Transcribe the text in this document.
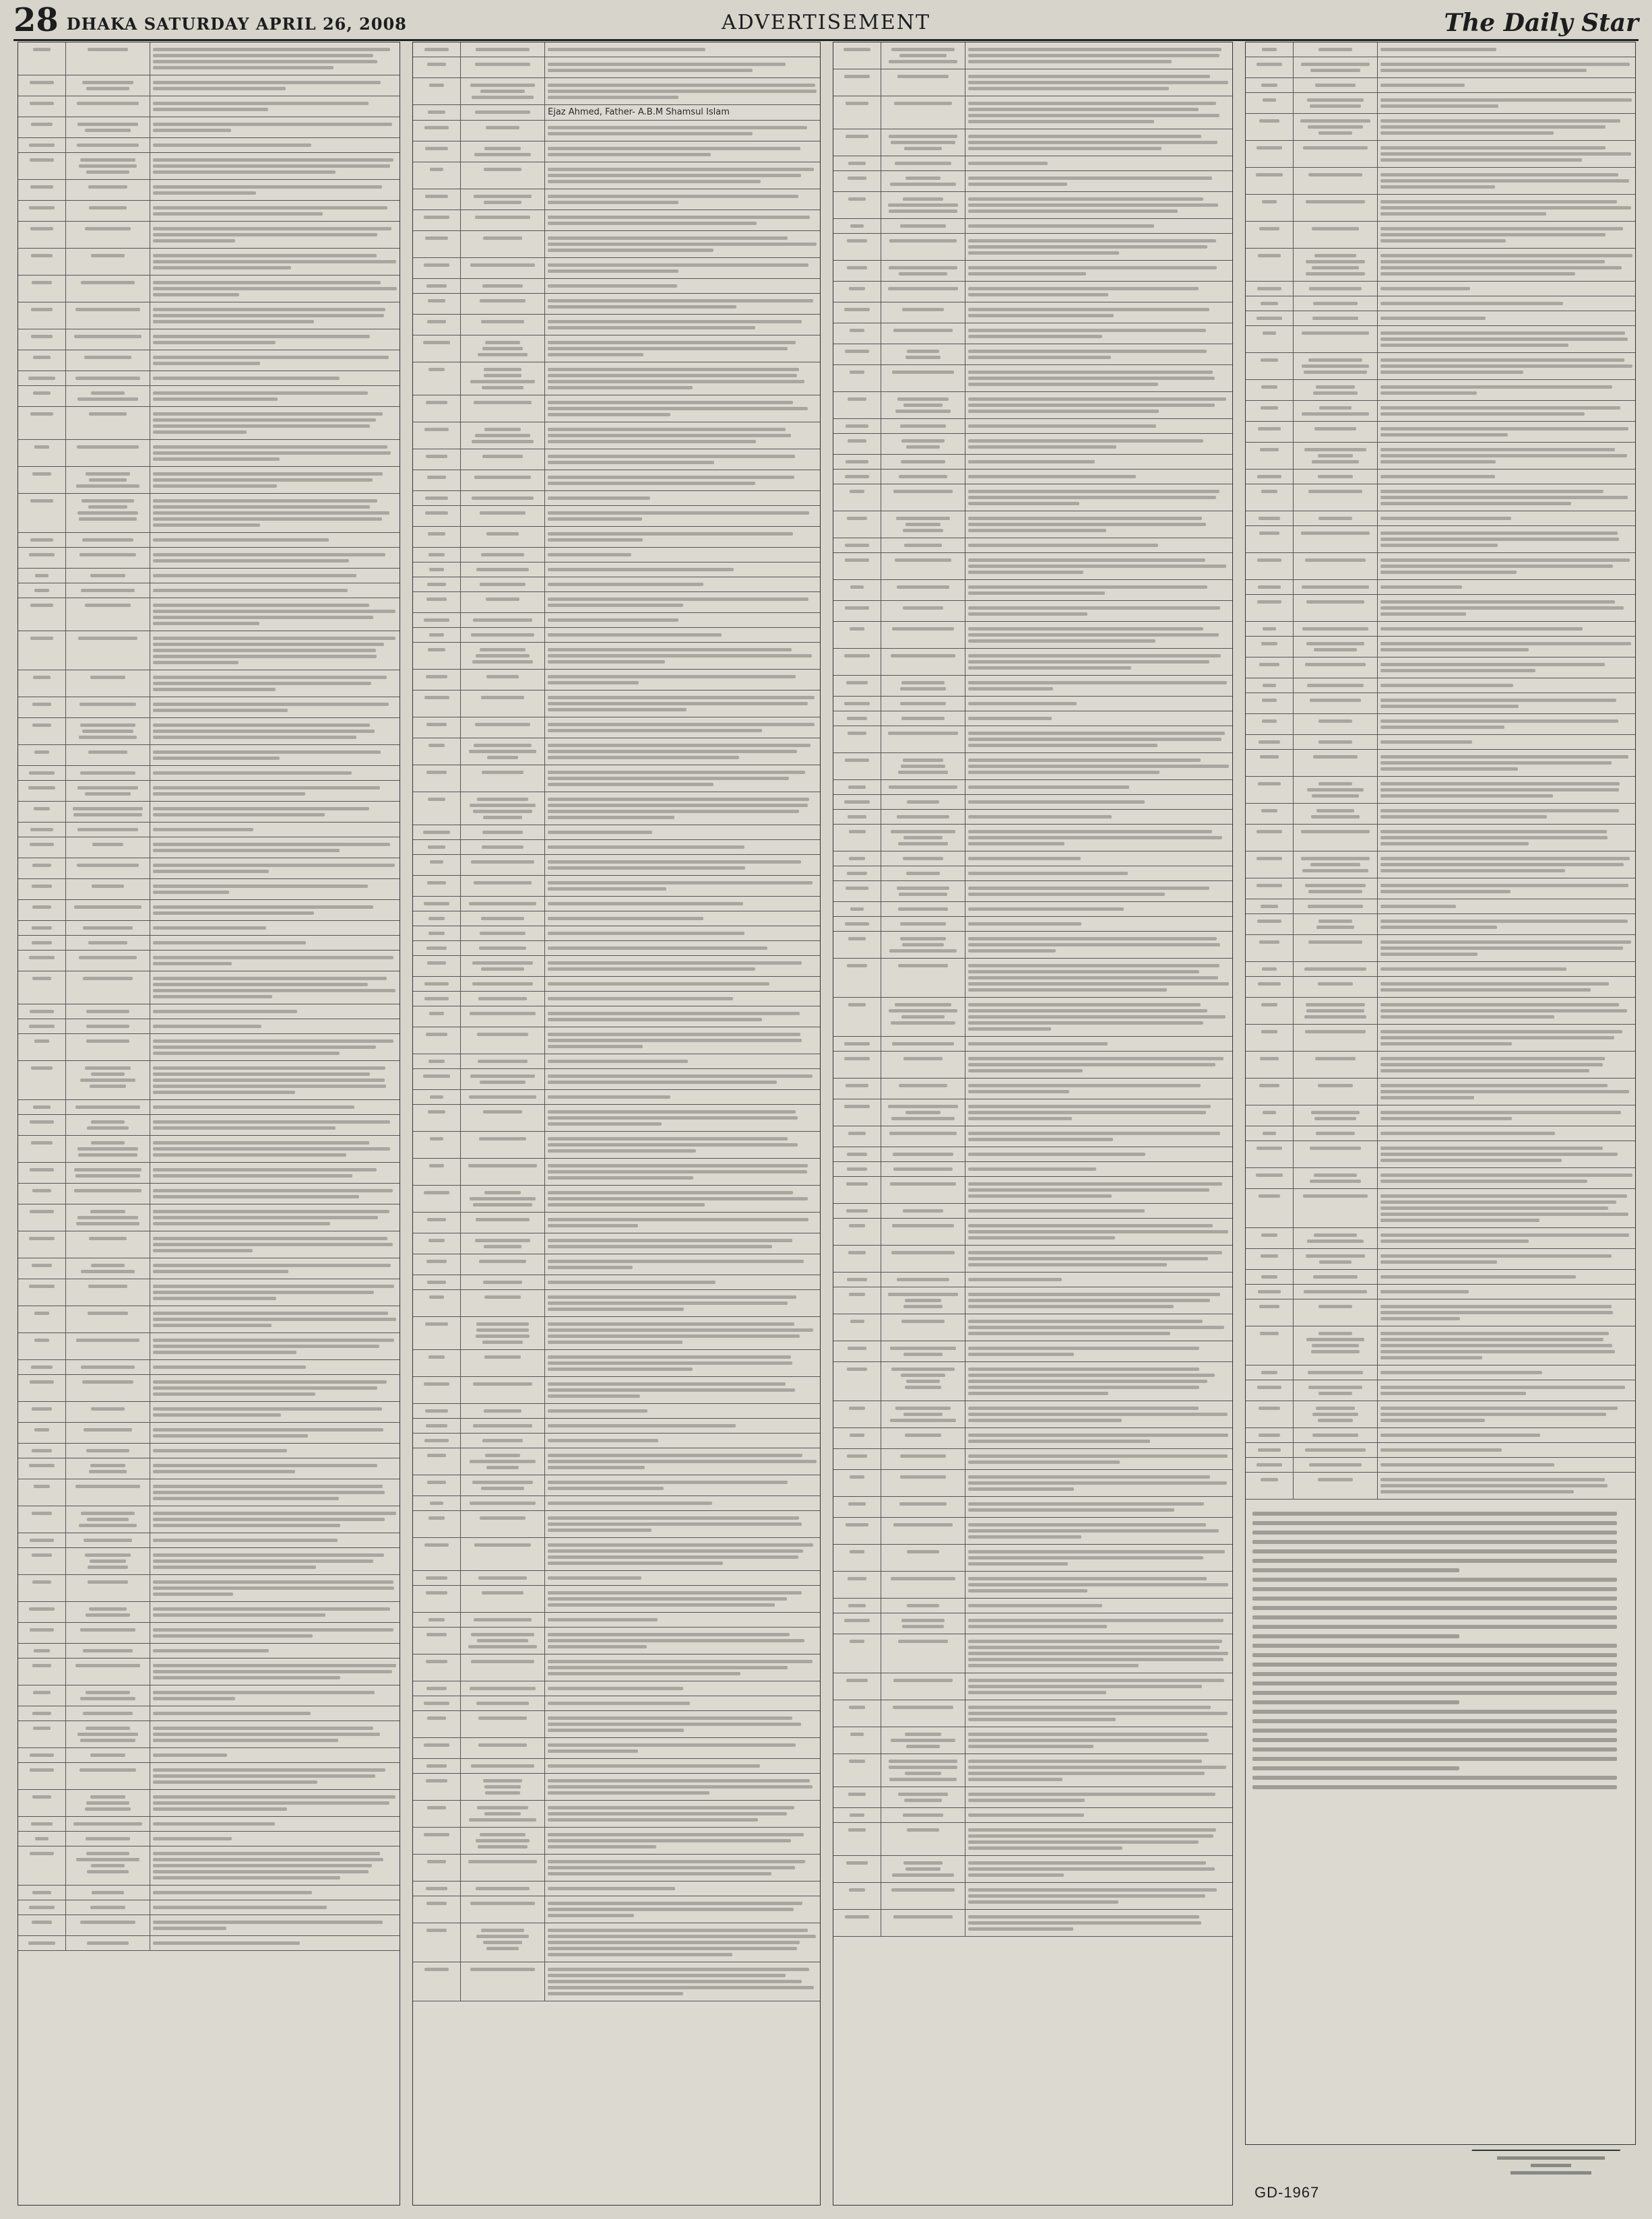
28 DHAKA SATURDAY APRIL 26, 2008	ADVERTISEMENT	The Daily Star
Ejaz Ahmed, Father- A.B.M Shamsul Islam
GD-1967
